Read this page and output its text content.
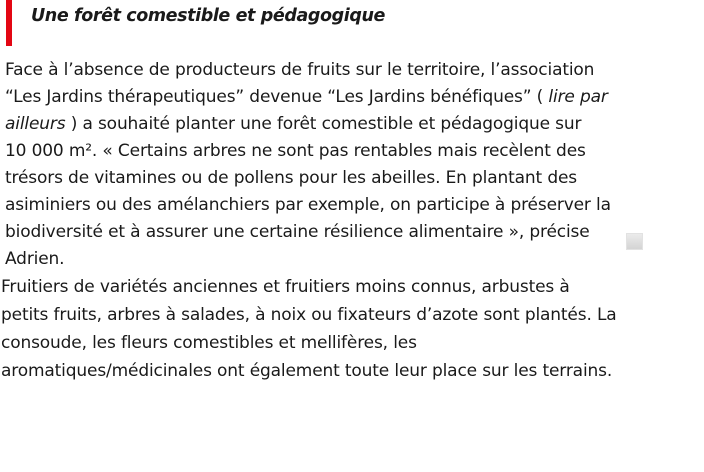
Une forêt comestible et pédagogique

Face à l’absence de producteurs de fruits sur le territoire, l’association
“Les Jardins thérapeutiques” devenue “Les Jardins bénéfiques” ( lire par
ailleurs ) a souhaité planter une forêt comestible et pédagogique sur
10 000 m². « Certains arbres ne sont pas rentables mais recèlent des
trésors de vitamines ou de pollens pour les abeilles. En plantant des
asiminiers ou des amélanchiers par exemple, on participe à préserver la
biodiversité et à assurer une certaine résilience alimentaire », précise
Adrien.

Fruitiers de variétés anciennes et fruitiers moins connus, arbustes à
petits fruits, arbres à salades, à noix ou fixateurs d’azote sont plantés. La
consoude, les fleurs comestibles et mellifères, les
aromatiques/médicinales ont également toute leur place sur les terrains.
